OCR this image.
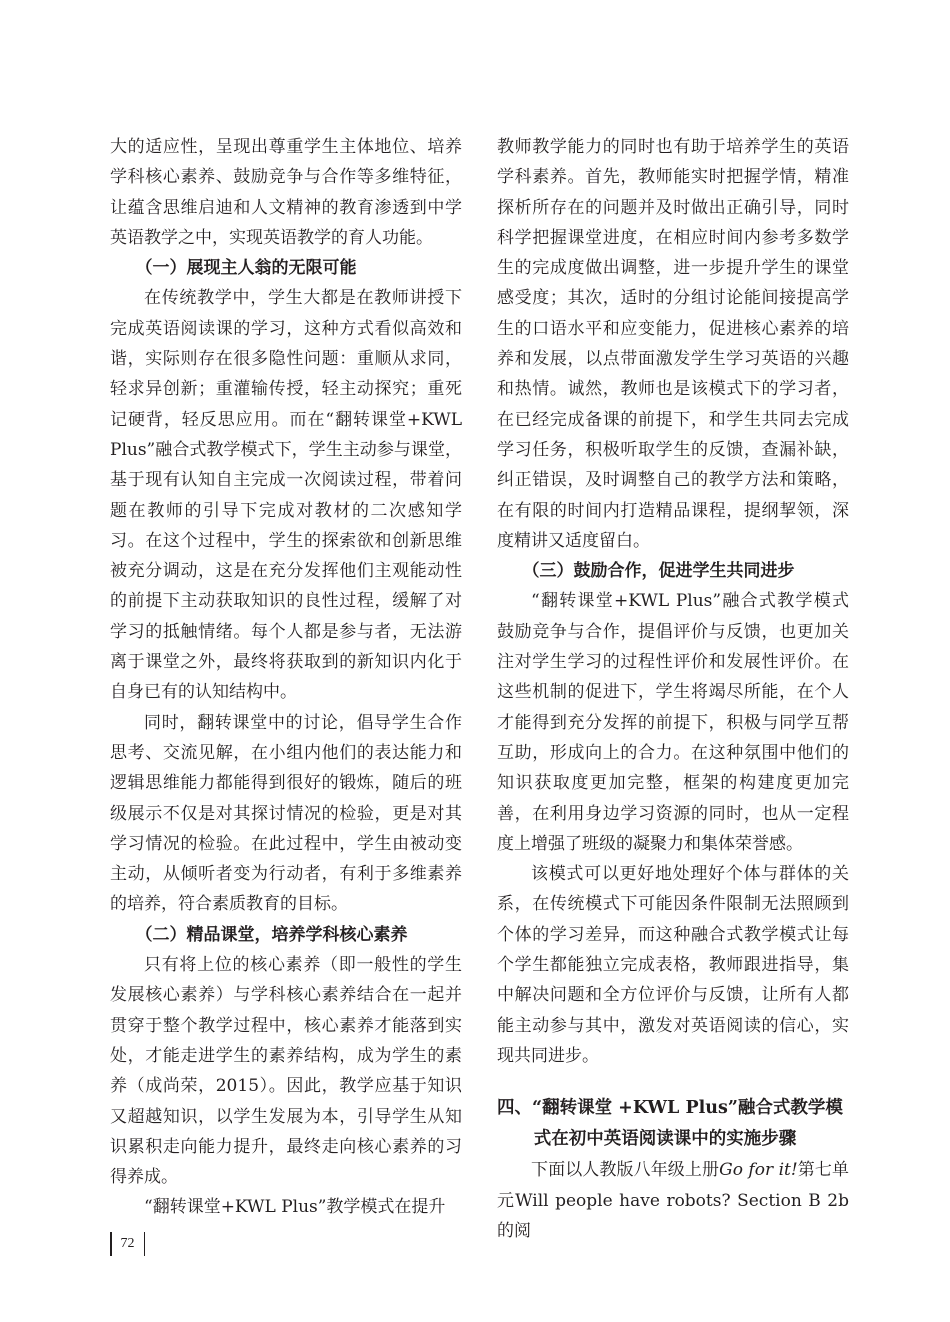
大的适应性，呈现出尊重学生主体地位、培养学科核心素养、鼓励竞争与合作等多维特征，让蕴含思维启迪和人文精神的教育渗透到中学英语教学之中，实现英语教学的育人功能。

（一）展现主人翁的无限可能

在传统教学中，学生大都是在教师讲授下完成英语阅读课的学习，这种方式看似高效和谐，实际则存在很多隐性问题：重顺从求同，轻求异创新；重灌输传授，轻主动探究；重死记硬背，轻反思应用。而在“翻转课堂+KWL Plus”融合式教学模式下，学生主动参与课堂，基于现有认知自主完成一次阅读过程，带着问题在教师的引导下完成对教材的二次感知学习。在这个过程中，学生的探索欲和创新思维被充分调动，这是在充分发挥他们主观能动性的前提下主动获取知识的良性过程，缓解了对学习的抵触情绪。每个人都是参与者，无法游离于课堂之外，最终将获取到的新知识内化于自身已有的认知结构中。

同时，翻转课堂中的讨论，倡导学生合作思考、交流见解，在小组内他们的表达能力和逻辑思维能力都能得到很好的锻炼，随后的班级展示不仅是对其探讨情况的检验，更是对其学习情况的检验。在此过程中，学生由被动变主动，从倾听者变为行动者，有利于多维素养的培养，符合素质教育的目标。

（二）精品课堂，培养学科核心素养

只有将上位的核心素养（即一般性的学生发展核心素养）与学科核心素养结合在一起并贯穿于整个教学过程中，核心素养才能落到实处，才能走进学生的素养结构，成为学生的素养（成尚荣，2015）。因此，教学应基于知识又超越知识，以学生发展为本，引导学生从知识累积走向能力提升，最终走向核心素养的习得养成。

“翻转课堂+KWL Plus”教学模式在提升

教师教学能力的同时也有助于培养学生的英语学科素养。首先，教师能实时把握学情，精准探析所存在的问题并及时做出正确引导，同时科学把握课堂进度，在相应时间内参考多数学生的完成度做出调整，进一步提升学生的课堂感受度；其次，适时的分组讨论能间接提高学生的口语水平和应变能力，促进核心素养的培养和发展，以点带面激发学生学习英语的兴趣和热情。诚然，教师也是该模式下的学习者，在已经完成备课的前提下，和学生共同去完成学习任务，积极听取学生的反馈，查漏补缺，纠正错误，及时调整自己的教学方法和策略，在有限的时间内打造精品课程，提纲挈领，深度精讲又适度留白。

（三）鼓励合作，促进学生共同进步

“翻转课堂+KWL Plus”融合式教学模式鼓励竞争与合作，提倡评价与反馈，也更加关注对学生学习的过程性评价和发展性评价。在这些机制的促进下，学生将竭尽所能，在个人才能得到充分发挥的前提下，积极与同学互帮互助，形成向上的合力。在这种氛围中他们的知识获取度更加完整，框架的构建度更加完善，在利用身边学习资源的同时，也从一定程度上增强了班级的凝聚力和集体荣誉感。

该模式可以更好地处理好个体与群体的关系，在传统模式下可能因条件限制无法照顾到个体的学习差异，而这种融合式教学模式让每个学生都能独立完成表格，教师跟进指导，集中解决问题和全方位评价与反馈，让所有人都能主动参与其中，激发对英语阅读的信心，实现共同进步。

四、“翻转课堂 +KWL Plus”融合式教学模式在初中英语阅读课中的实施步骤

下面以人教版八年级上册Go for it!第七单元Will people have robots? Section B 2b的阅

72
